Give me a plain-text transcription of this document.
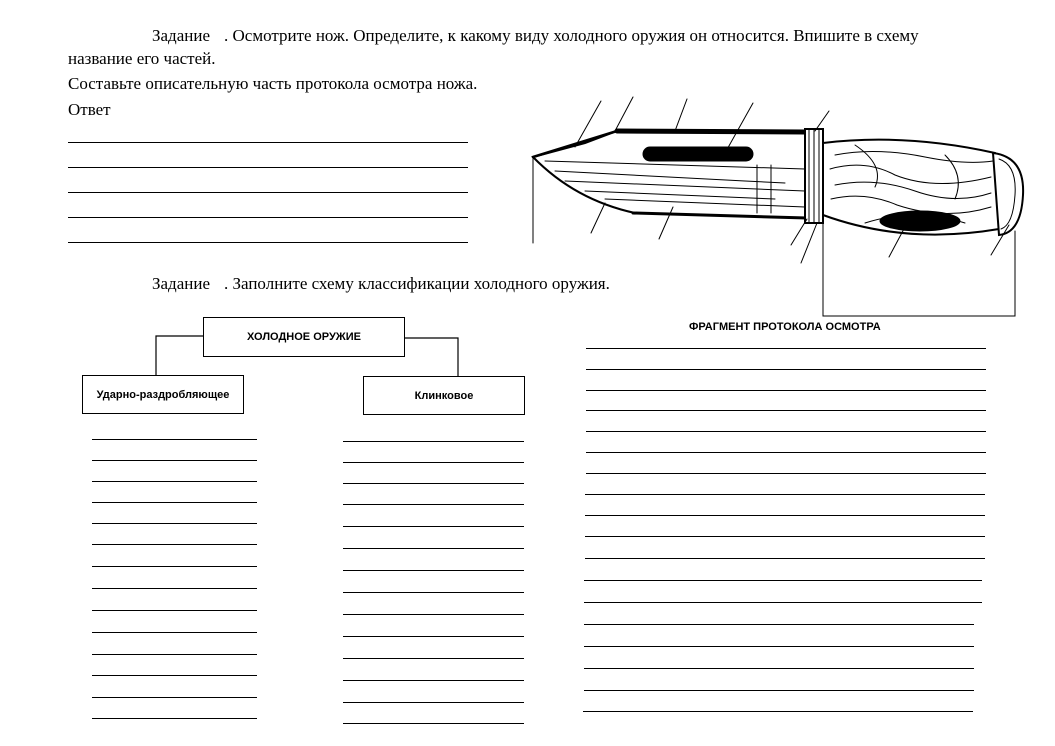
Задание . Осмотрите нож. Определите, к какому виду холодного оружия он относится. Впишите в схему
название его частей.
Составьте описательную часть протокола осмотра ножа.
Ответ
Задание . Заполните схему классификации холодного оружия.
ХОЛОДНОЕ ОРУЖИЕ
Ударно-раздробляющее	Клинковое
ФРАГМЕНТ ПРОТОКОЛА ОСМОТРА
